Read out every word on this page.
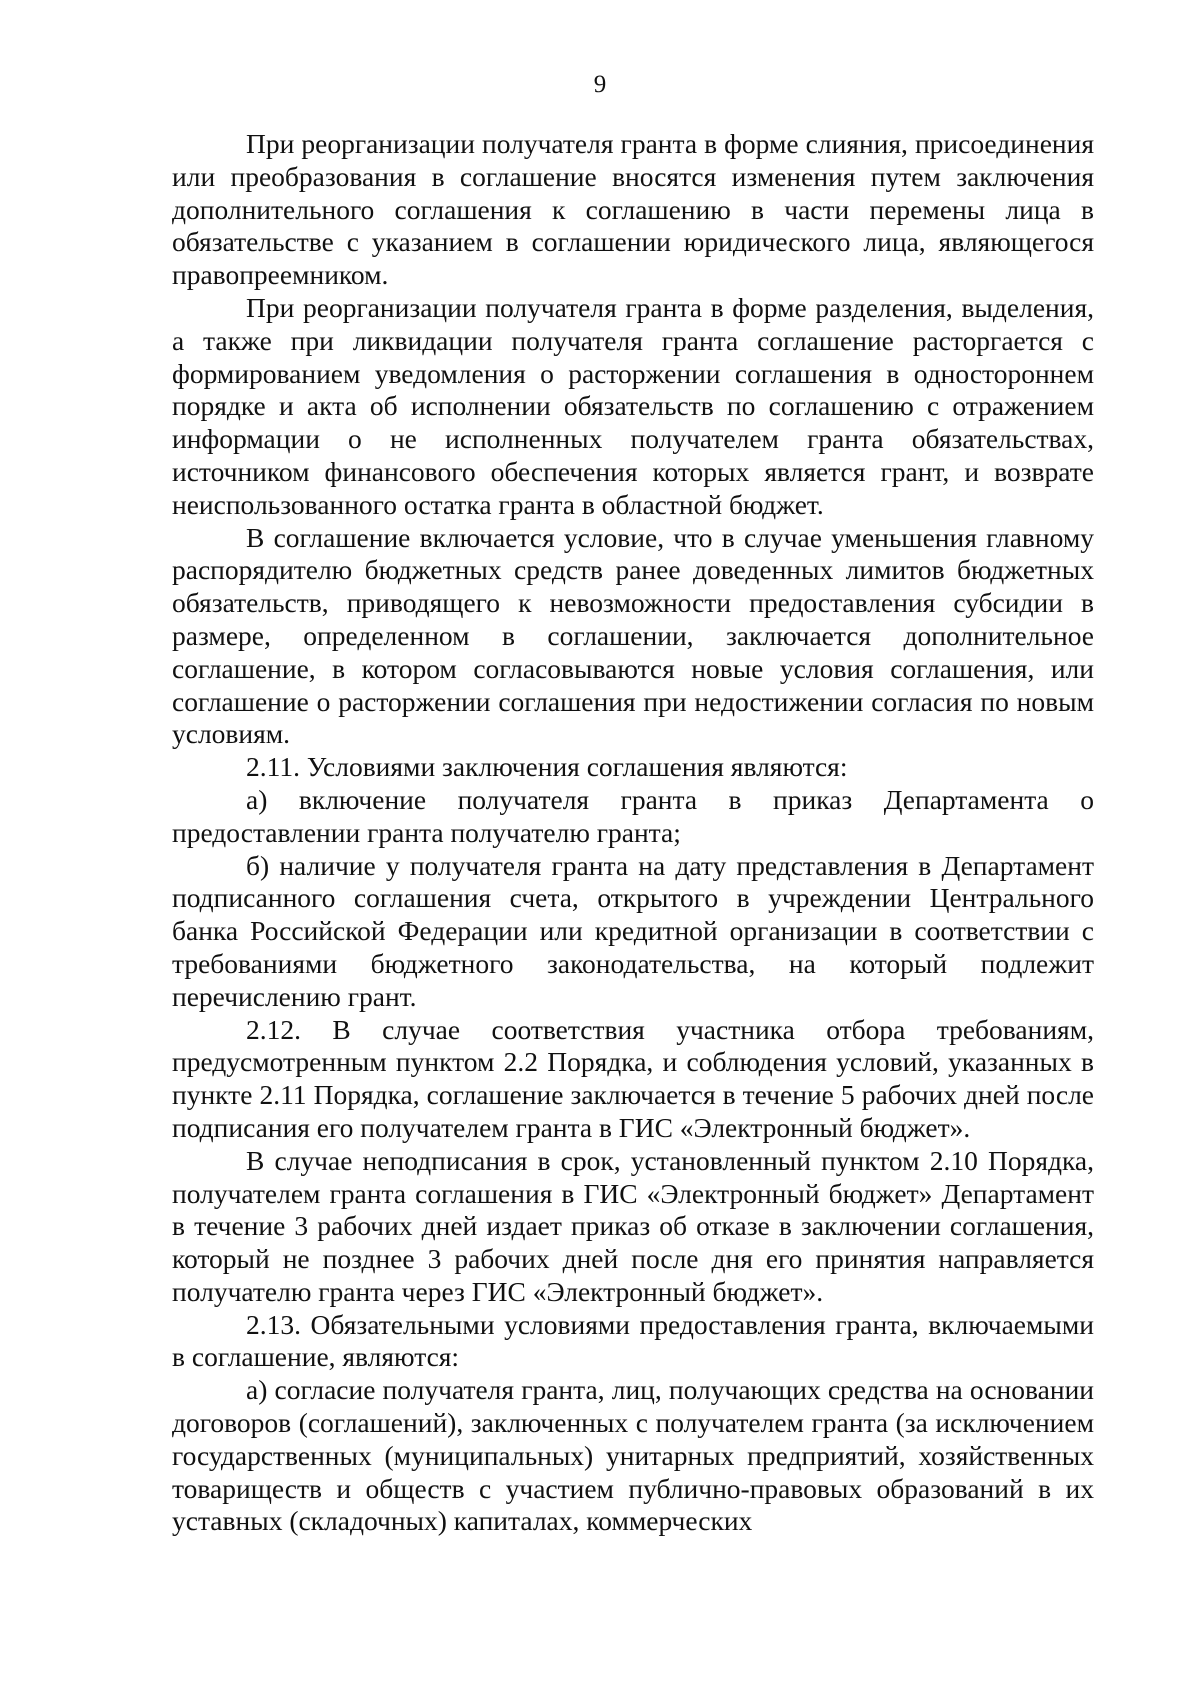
9

При реорганизации получателя гранта в форме слияния, присоединения или преобразования в соглашение вносятся изменения путем заключения дополнительного соглашения к соглашению в части перемены лица в обязательстве с указанием в соглашении юридического лица, являющегося правопреемником.

При реорганизации получателя гранта в форме разделения, выделения, а также при ликвидации получателя гранта соглашение расторгается с формированием уведомления о расторжении соглашения в одностороннем порядке и акта об исполнении обязательств по соглашению с отражением информации о не исполненных получателем гранта обязательствах, источником финансового обеспечения которых является грант, и возврате неиспользованного остатка гранта в областной бюджет.

В соглашение включается условие, что в случае уменьшения главному распорядителю бюджетных средств ранее доведенных лимитов бюджетных обязательств, приводящего к невозможности предоставления субсидии в размере, определенном в соглашении, заключается дополнительное соглашение, в котором согласовываются новые условия соглашения, или соглашение о расторжении соглашения при недостижении согласия по новым условиям.

2.11. Условиями заключения соглашения являются:

а) включение получателя гранта в приказ Департамента о предоставлении гранта получателю гранта;

б) наличие у получателя гранта на дату представления в Департамент подписанного соглашения счета, открытого в учреждении Центрального банка Российской Федерации или кредитной организации в соответствии с требованиями бюджетного законодательства, на который подлежит перечислению грант.

2.12. В случае соответствия участника отбора требованиям, предусмотренным пунктом 2.2 Порядка, и соблюдения условий, указанных в пункте 2.11 Порядка, соглашение заключается в течение 5 рабочих дней после подписания его получателем гранта в ГИС «Электронный бюджет».

В случае неподписания в срок, установленный пунктом 2.10 Порядка, получателем гранта соглашения в ГИС «Электронный бюджет» Департамент в течение 3 рабочих дней издает приказ об отказе в заключении соглашения, который не позднее 3 рабочих дней после дня его принятия направляется получателю гранта через ГИС «Электронный бюджет».

2.13. Обязательными условиями предоставления гранта, включаемыми в соглашение, являются:

а) согласие получателя гранта, лиц, получающих средства на основании договоров (соглашений), заключенных с получателем гранта (за исключением государственных (муниципальных) унитарных предприятий, хозяйственных товариществ и обществ с участием публично-правовых образований в их уставных (складочных) капиталах, коммерческих
